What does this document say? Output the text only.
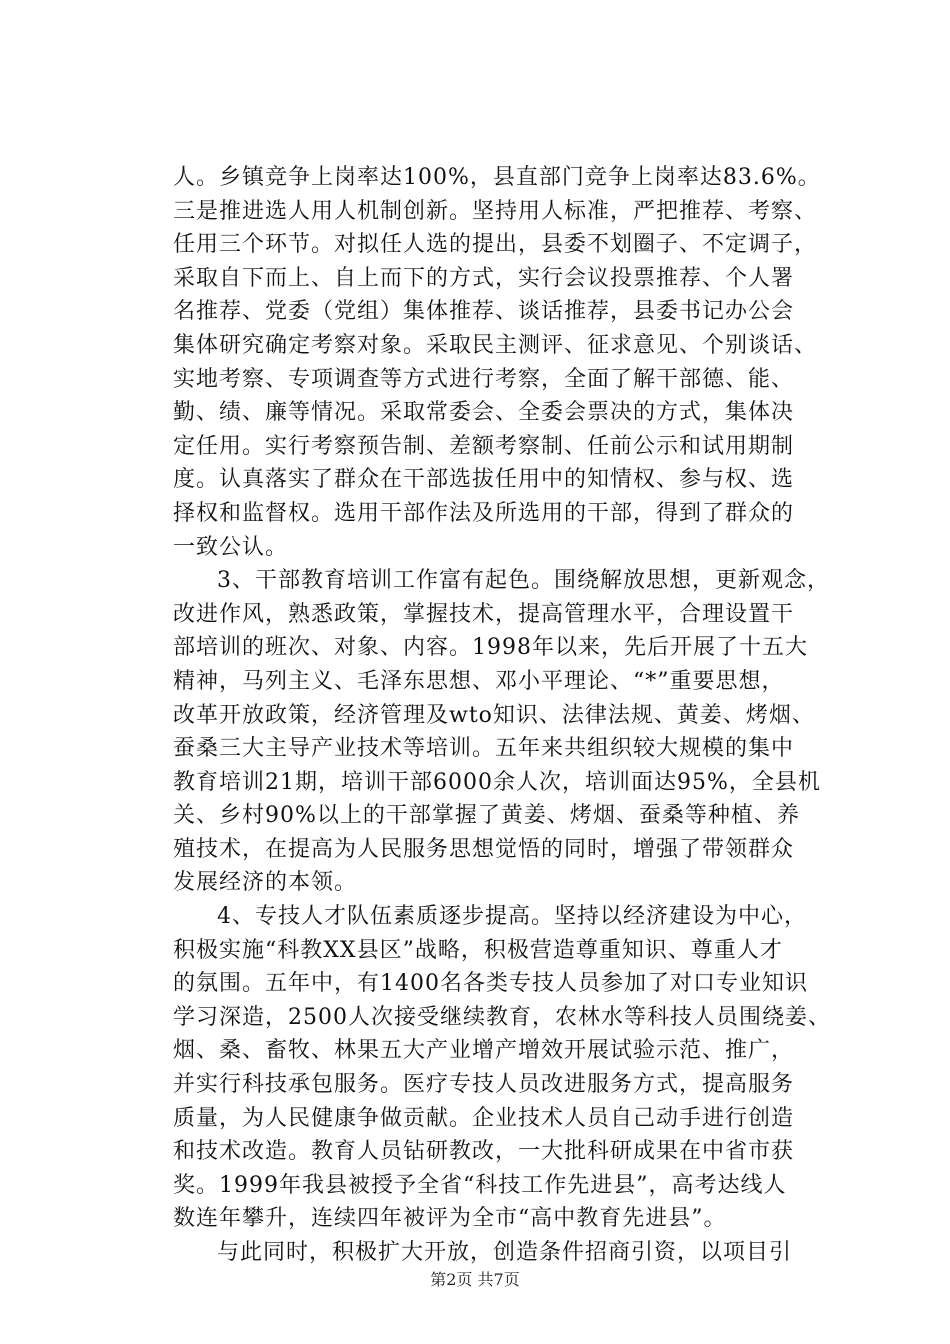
人。乡镇竞争上岗率达100%，县直部门竞争上岗率达83.6%。
三是推进选人用人机制创新。坚持用人标准，严把推荐、考察、
任用三个环节。对拟任人选的提出，县委不划圈子、不定调子，
采取自下而上、自上而下的方式，实行会议投票推荐、个人署
名推荐、党委（党组）集体推荐、谈话推荐，县委书记办公会
集体研究确定考察对象。采取民主测评、征求意见、个别谈话、
实地考察、专项调查等方式进行考察，全面了解干部德、能、
勤、绩、廉等情况。采取常委会、全委会票决的方式，集体决
定任用。实行考察预告制、差额考察制、任前公示和试用期制
度。认真落实了群众在干部选拔任用中的知情权、参与权、选
择权和监督权。选用干部作法及所选用的干部，得到了群众的
一致公认。
3、干部教育培训工作富有起色。围绕解放思想，更新观念，
改进作风，熟悉政策，掌握技术，提高管理水平，合理设置干
部培训的班次、对象、内容。1998年以来，先后开展了十五大
精神，马列主义、毛泽东思想、邓小平理论、“*”重要思想，
改革开放政策，经济管理及wto知识、法律法规、黄姜、烤烟、
蚕桑三大主导产业技术等培训。五年来共组织较大规模的集中
教育培训21期，培训干部6000余人次，培训面达95%，全县机
关、乡村90%以上的干部掌握了黄姜、烤烟、蚕桑等种植、养
殖技术，在提高为人民服务思想觉悟的同时，增强了带领群众
发展经济的本领。
4、专技人才队伍素质逐步提高。坚持以经济建设为中心，
积极实施“科教XX县区”战略，积极营造尊重知识、尊重人才
的氛围。五年中，有1400名各类专技人员参加了对口专业知识
学习深造，2500人次接受继续教育，农林水等科技人员围绕姜、
烟、桑、畜牧、林果五大产业增产增效开展试验示范、推广，
并实行科技承包服务。医疗专技人员改进服务方式，提高服务
质量，为人民健康争做贡献。企业技术人员自己动手进行创造
和技术改造。教育人员钻研教改，一大批科研成果在中省市获
奖。1999年我县被授予全省“科技工作先进县”，高考达线人
数连年攀升，连续四年被评为全市“高中教育先进县”。
与此同时，积极扩大开放，创造条件招商引资，以项目引
第2页 共7页
